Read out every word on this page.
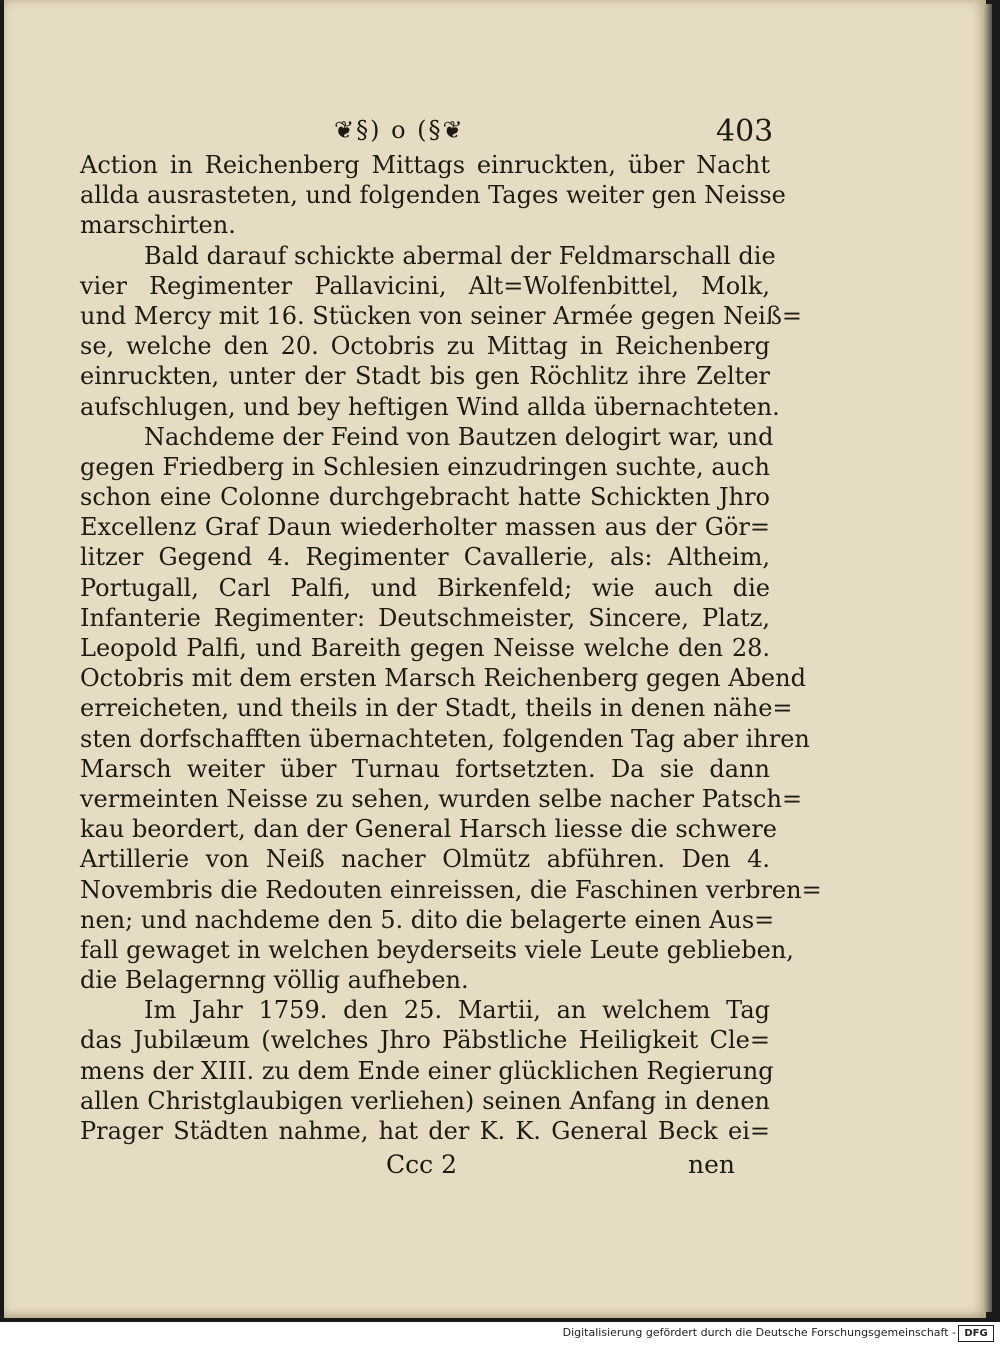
❦§) o (§❦	403
Action in Reichenberg Mittags einruckten, über Nacht
allda ausrasteten, und folgenden Tages weiter gen Neisse
marschirten.
Bald darauf schickte abermal der Feldmarschall die
vier Regimenter Pallavicini, Alt=Wolfenbittel, Molk,
und Mercy mit 16. Stücken von seiner Armée gegen Neiß=
se, welche den 20. Octobris zu Mittag in Reichenberg
einruckten, unter der Stadt bis gen Röchlitz ihre Zelter
aufschlugen, und bey heftigen Wind allda übernachteten.
Nachdeme der Feind von Bautzen delogirt war, und
gegen Friedberg in Schlesien einzudringen suchte, auch
schon eine Colonne durchgebracht hatte Schickten Jhro
Excellenz Graf Daun wiederholter massen aus der Gör=
litzer Gegend 4. Regimenter Cavallerie, als: Altheim,
Portugall, Carl Palfi, und Birkenfeld; wie auch die
Infanterie Regimenter: Deutschmeister, Sincere, Platz,
Leopold Palfi, und Bareith gegen Neisse welche den 28.
Octobris mit dem ersten Marsch Reichenberg gegen Abend
erreicheten, und theils in der Stadt, theils in denen nähe=
sten dorfschafften übernachteten, folgenden Tag aber ihren
Marsch weiter über Turnau fortsetzten. Da sie dann
vermeinten Neisse zu sehen, wurden selbe nacher Patsch=
kau beordert, dan der General Harsch liesse die schwere
Artillerie von Neiß nacher Olmütz abführen. Den 4.
Novembris die Redouten einreissen, die Faschinen verbren=
nen; und nachdeme den 5. dito die belagerte einen Aus=
fall gewaget in welchen beyderseits viele Leute geblieben,
die Belagernng völlig aufheben.
Im Jahr 1759. den 25. Martii, an welchem Tag
das Jubilæum (welches Jhro Päbstliche Heiligkeit Cle=
mens der XIII. zu dem Ende einer glücklichen Regierung
allen Christglaubigen verliehen) seinen Anfang in denen
Prager Städten nahme, hat der K. K. General Beck ei=
Ccc 2	nen
Digitalisierung gefördert durch die Deutsche Forschungsgemeinschaft - DFG
